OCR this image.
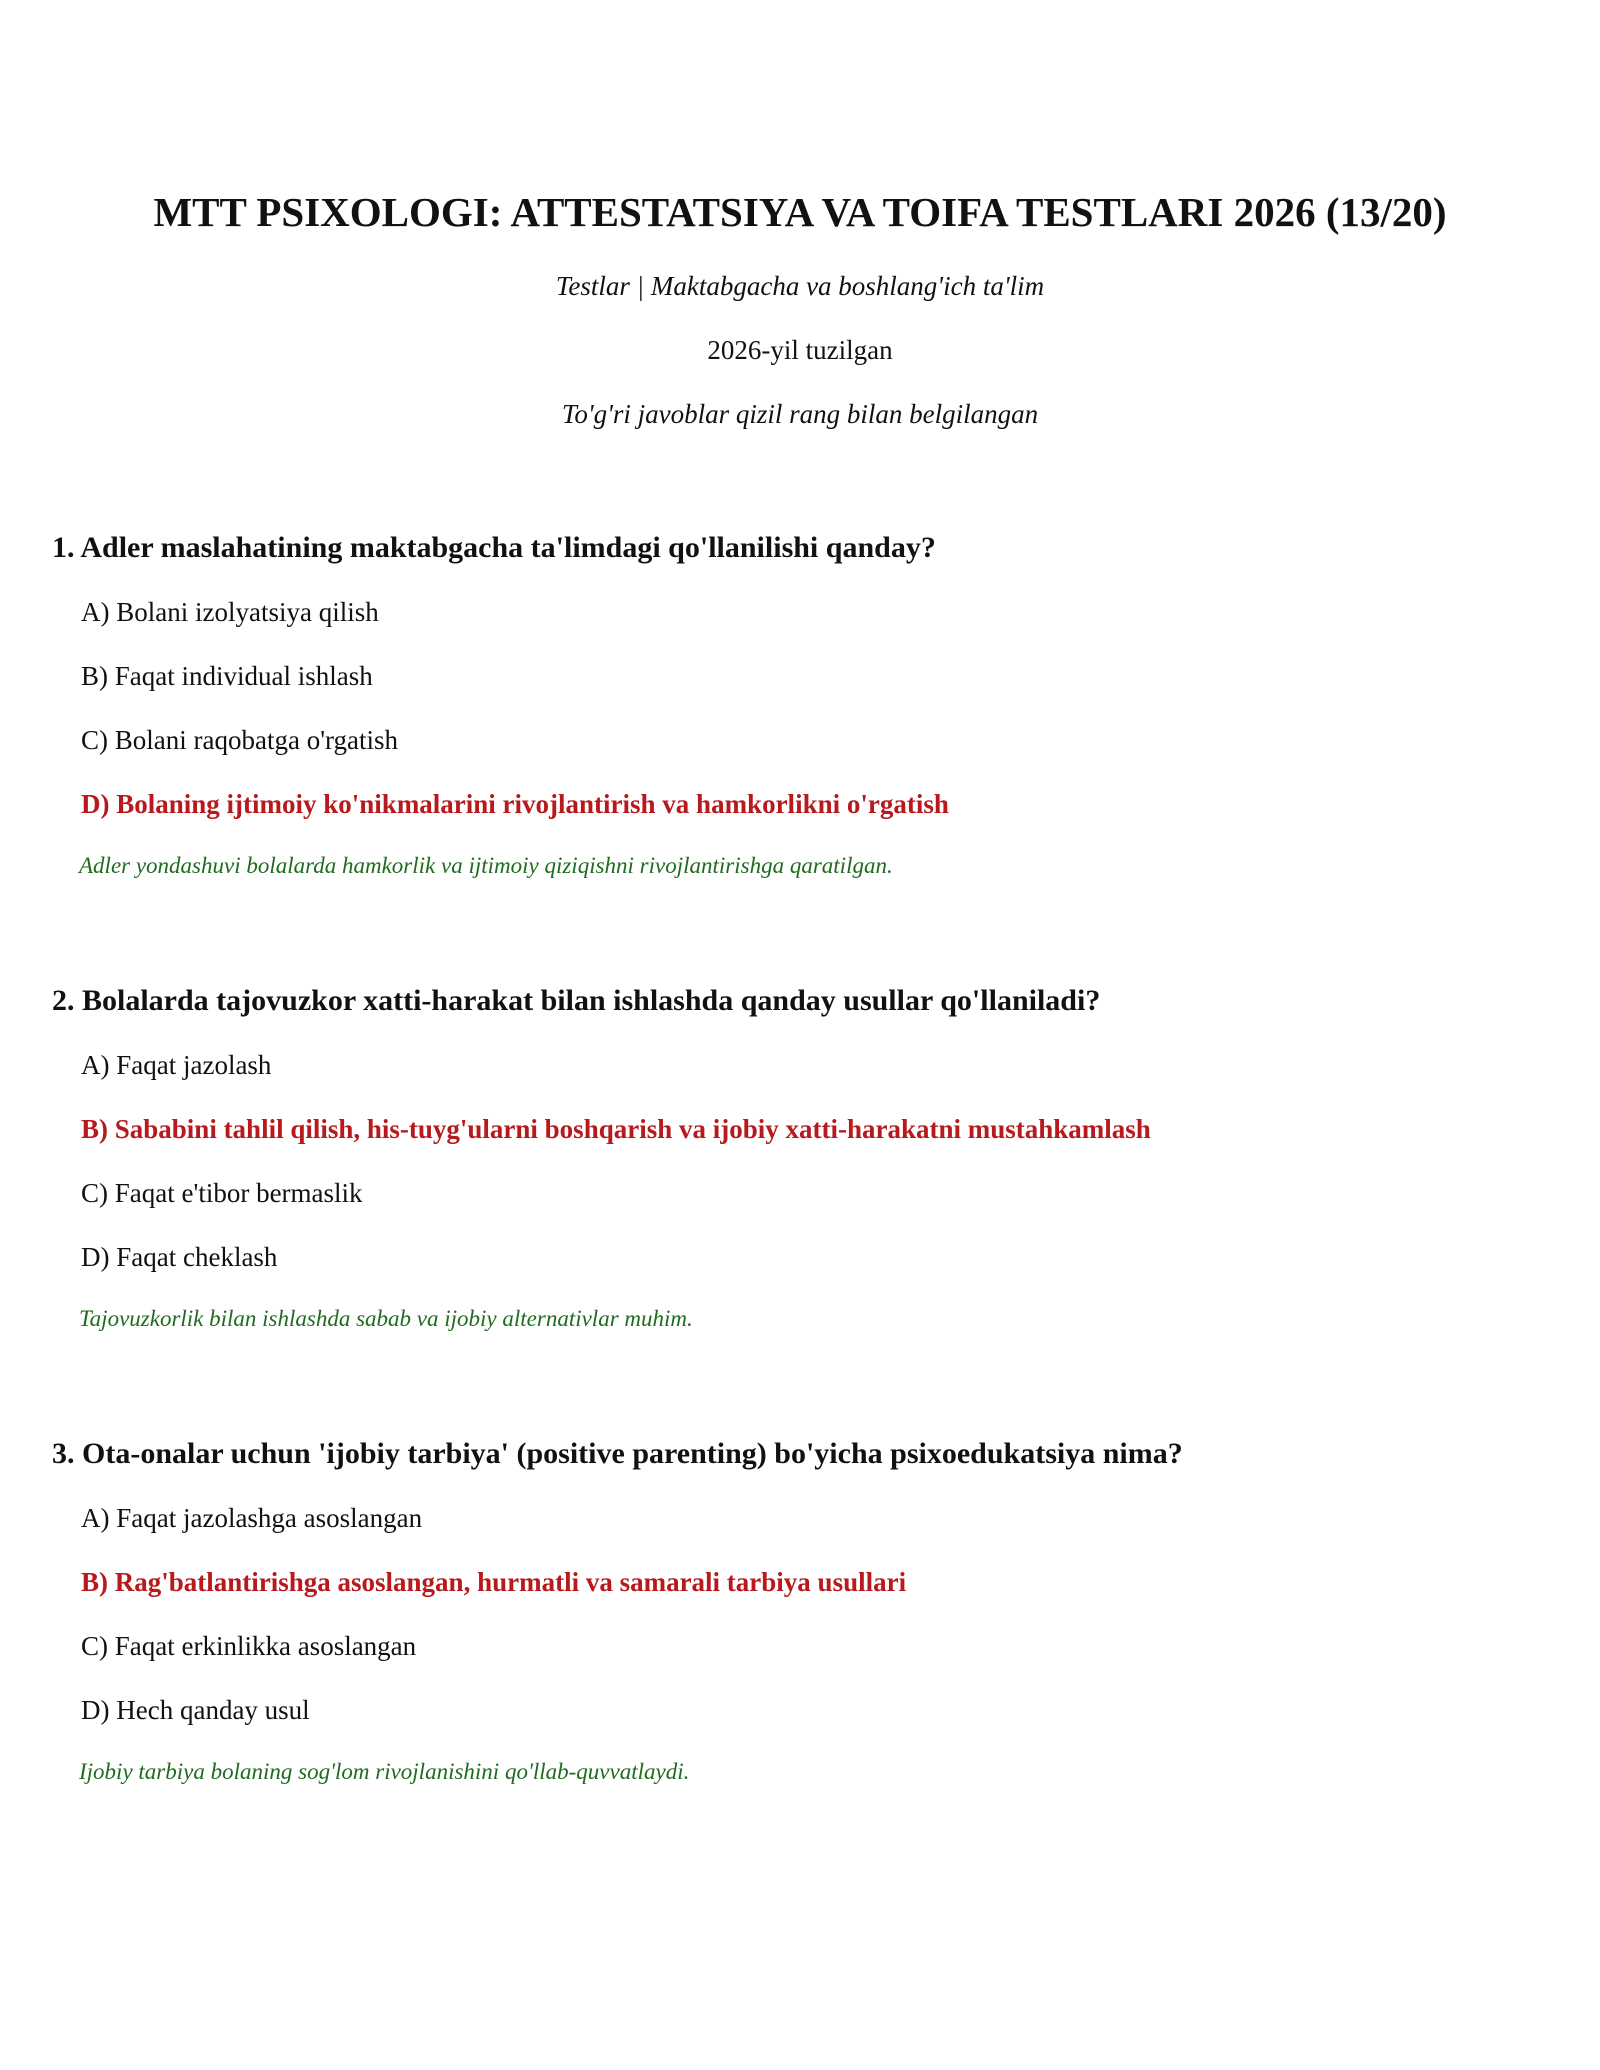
MTT PSIXOLOGI: ATTESTATSIYA VA TOIFA TESTLARI 2026 (13/20)
Testlar | Maktabgacha va boshlang'ich ta'lim
2026-yil tuzilgan
To'g'ri javoblar qizil rang bilan belgilangan
1. Adler maslahatining maktabgacha ta'limdagi qo'llanilishi qanday?
A) Bolani izolyatsiya qilish
B) Faqat individual ishlash
C) Bolani raqobatga o'rgatish
D) Bolaning ijtimoiy ko'nikmalarini rivojlantirish va hamkorlikni o'rgatish
Adler yondashuvi bolalarda hamkorlik va ijtimoiy qiziqishni rivojlantirishga qaratilgan.
2. Bolalarda tajovuzkor xatti-harakat bilan ishlashda qanday usullar qo'llaniladi?
A) Faqat jazolash
B) Sababini tahlil qilish, his-tuyg'ularni boshqarish va ijobiy xatti-harakatni mustahkamlash
C) Faqat e'tibor bermaslik
D) Faqat cheklash
Tajovuzkorlik bilan ishlashda sabab va ijobiy alternativlar muhim.
3. Ota-onalar uchun 'ijobiy tarbiya' (positive parenting) bo'yicha psixoedukatsiya nima?
A) Faqat jazolashga asoslangan
B) Rag'batlantirishga asoslangan, hurmatli va samarali tarbiya usullari
C) Faqat erkinlikka asoslangan
D) Hech qanday usul
Ijobiy tarbiya bolaning sog'lom rivojlanishini qo'llab-quvvatlaydi.
